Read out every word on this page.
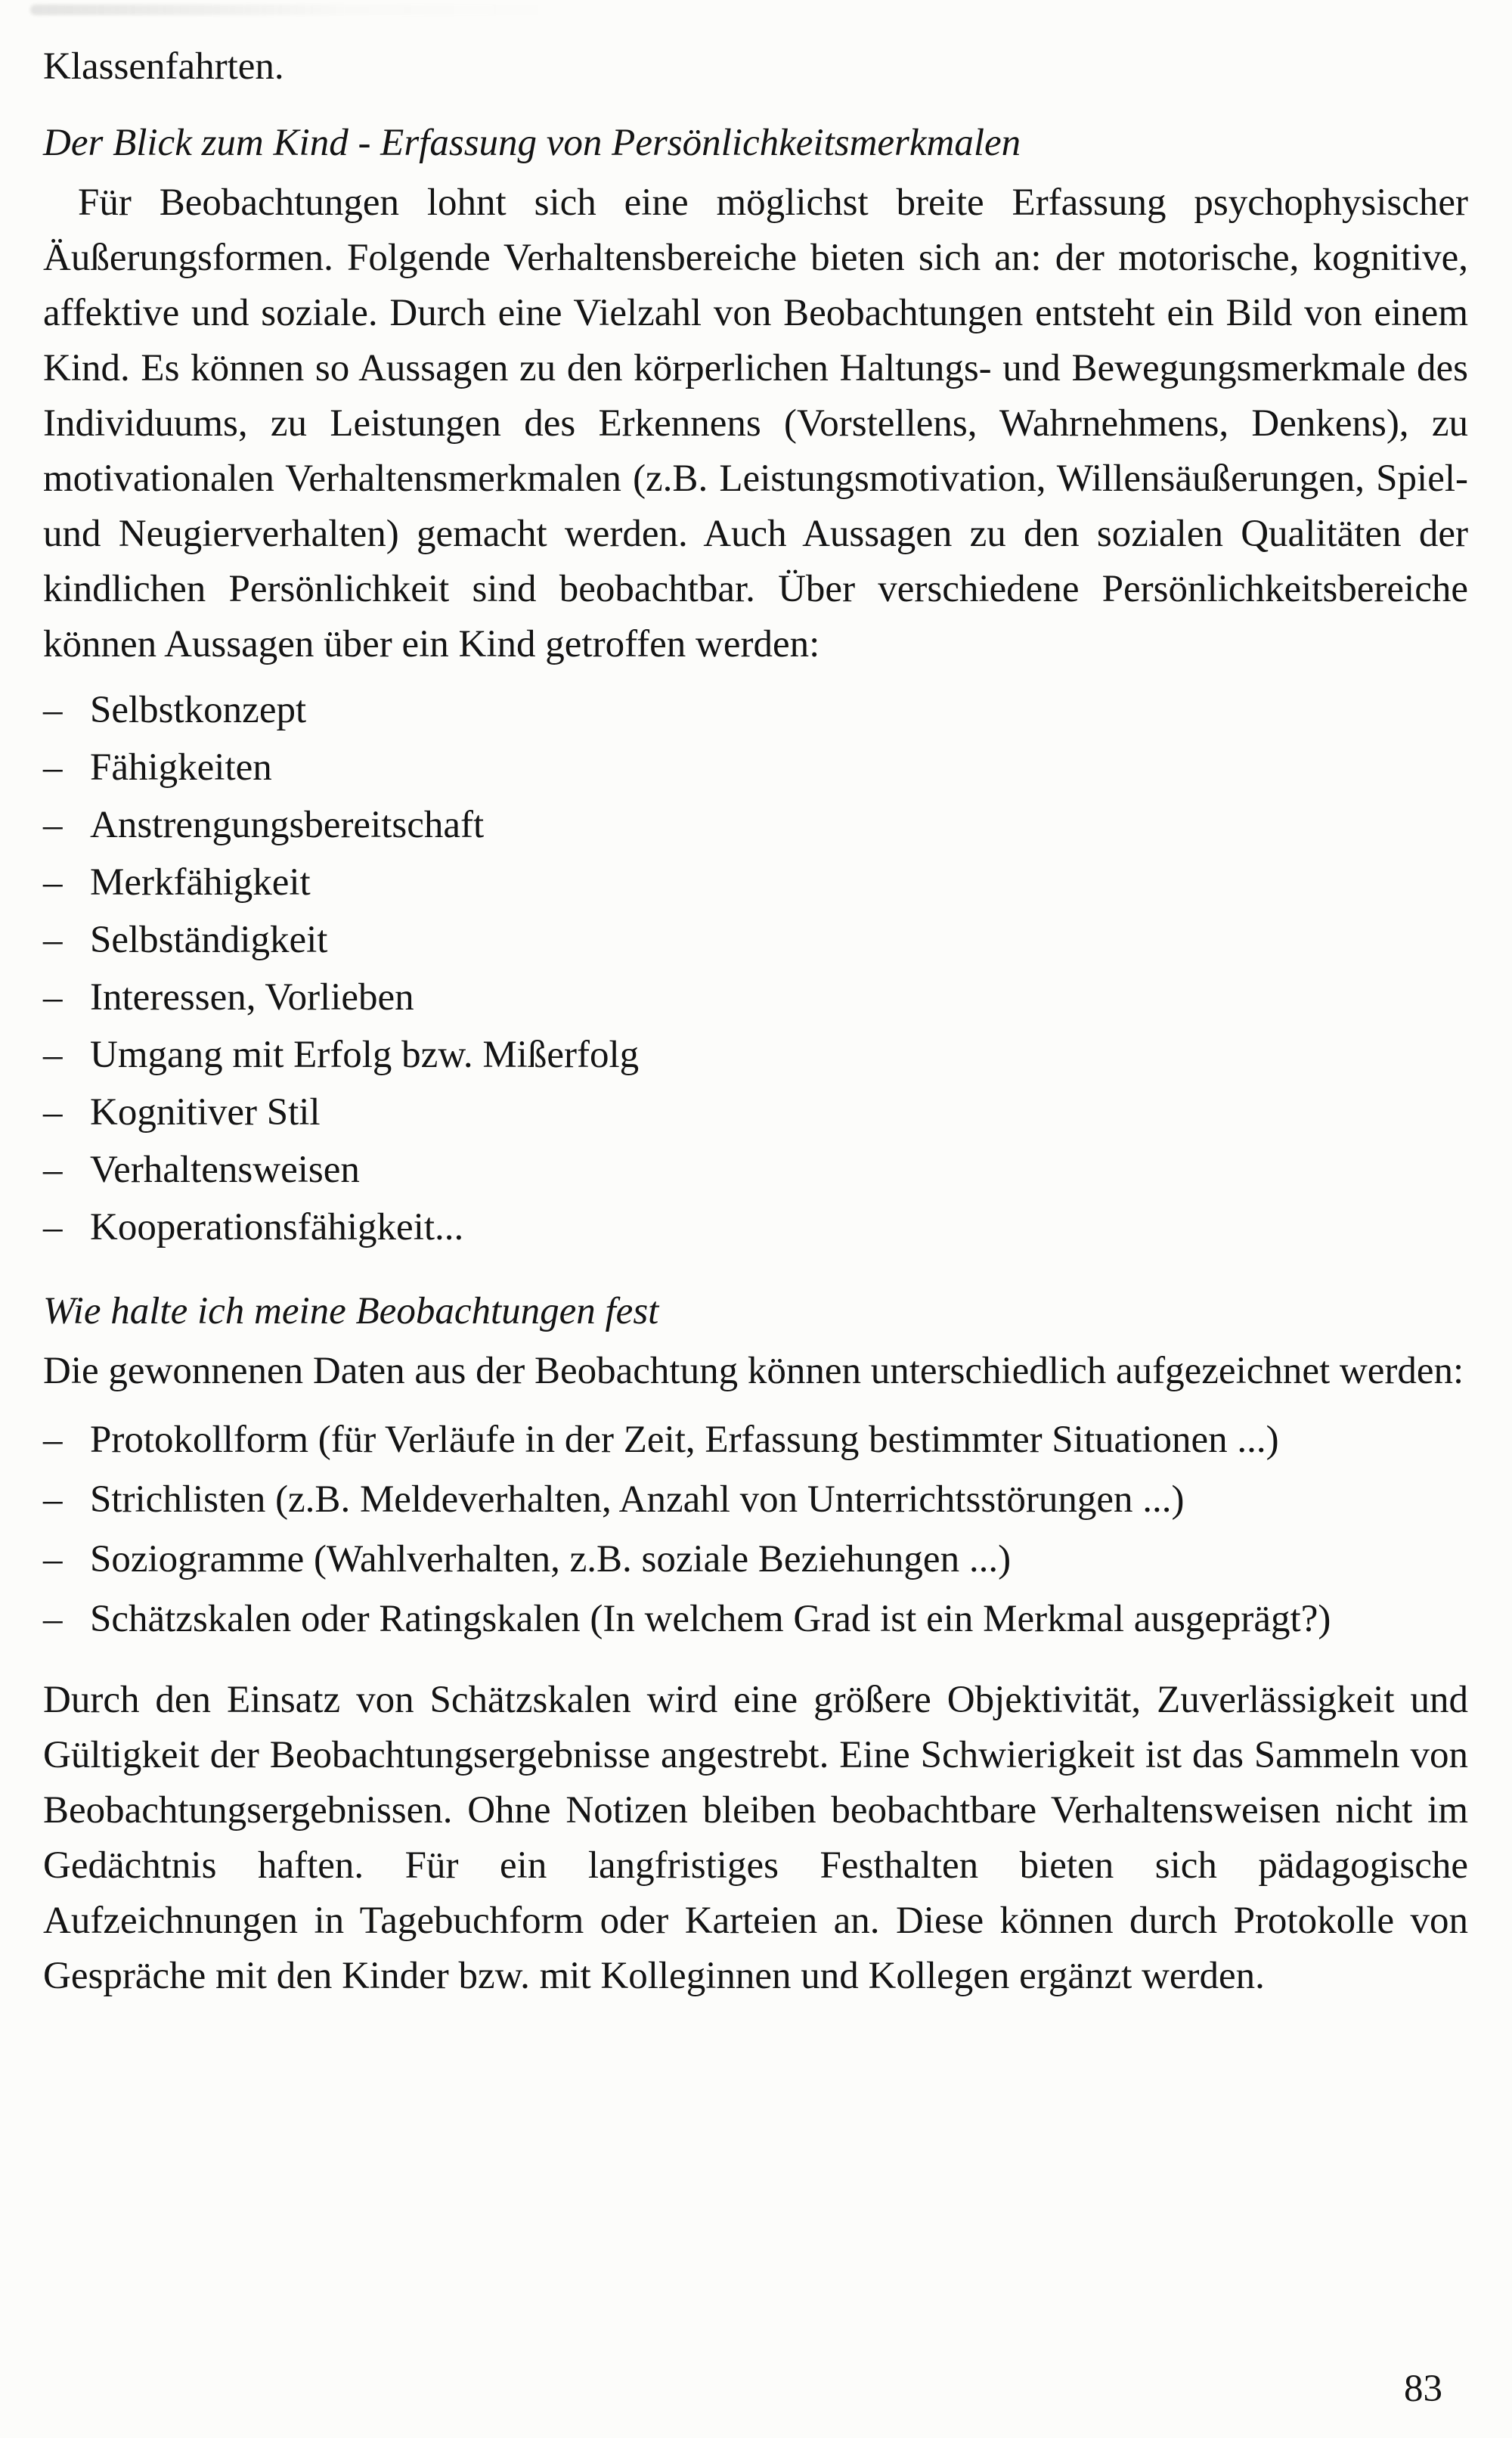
Klassenfahrten.

Der Blick zum Kind - Erfassung von Persönlichkeitsmerkmalen

Für Beobachtungen lohnt sich eine möglichst breite Erfassung psychophysischer Äußerungsformen. Folgende Verhaltensbereiche bieten sich an: der motorische, kognitive, affektive und soziale. Durch eine Vielzahl von Beobachtungen entsteht ein Bild von einem Kind. Es können so Aussagen zu den körperlichen Haltungs- und Bewegungsmerkmale des Individuums, zu Leistungen des Erkennens (Vorstellens, Wahrnehmens, Denkens), zu motivationalen Verhaltensmerkmalen (z.B. Leistungsmotivation, Willensäußerungen, Spiel- und Neugierverhalten) gemacht werden. Auch Aussagen zu den sozialen Qualitäten der kindlichen Persönlichkeit sind beobachtbar. Über verschiedene Persönlichkeitsbereiche können Aussagen über ein Kind getroffen werden:

– Selbstkonzept
– Fähigkeiten
– Anstrengungsbereitschaft
– Merkfähigkeit
– Selbständigkeit
– Interessen, Vorlieben
– Umgang mit Erfolg bzw. Mißerfolg
– Kognitiver Stil
– Verhaltensweisen
– Kooperationsfähigkeit...
Wie halte ich meine Beobachtungen fest

Die gewonnenen Daten aus der Beobachtung können unterschiedlich aufgezeichnet werden:

– Protokollform (für Verläufe in der Zeit, Erfassung bestimmter Situationen ...)
– Strichlisten (z.B. Meldeverhalten, Anzahl von Unterrichtsstörungen ...)
– Soziogramme (Wahlverhalten, z.B. soziale Beziehungen ...)
– Schätzskalen oder Ratingskalen (In welchem Grad ist ein Merkmal ausgeprägt?)

Durch den Einsatz von Schätzskalen wird eine größere Objektivität, Zuverlässigkeit und Gültigkeit der Beobachtungsergebnisse angestrebt. Eine Schwierigkeit ist das Sammeln von Beobachtungsergebnissen. Ohne Notizen bleiben beobachtbare Verhaltensweisen nicht im Gedächtnis haften. Für ein langfristiges Festhalten bieten sich pädagogische Aufzeichnungen in Tagebuchform oder Karteien an. Diese können durch Protokolle von Gespräche mit den Kinder bzw. mit Kolleginnen und Kollegen ergänzt werden.

83
